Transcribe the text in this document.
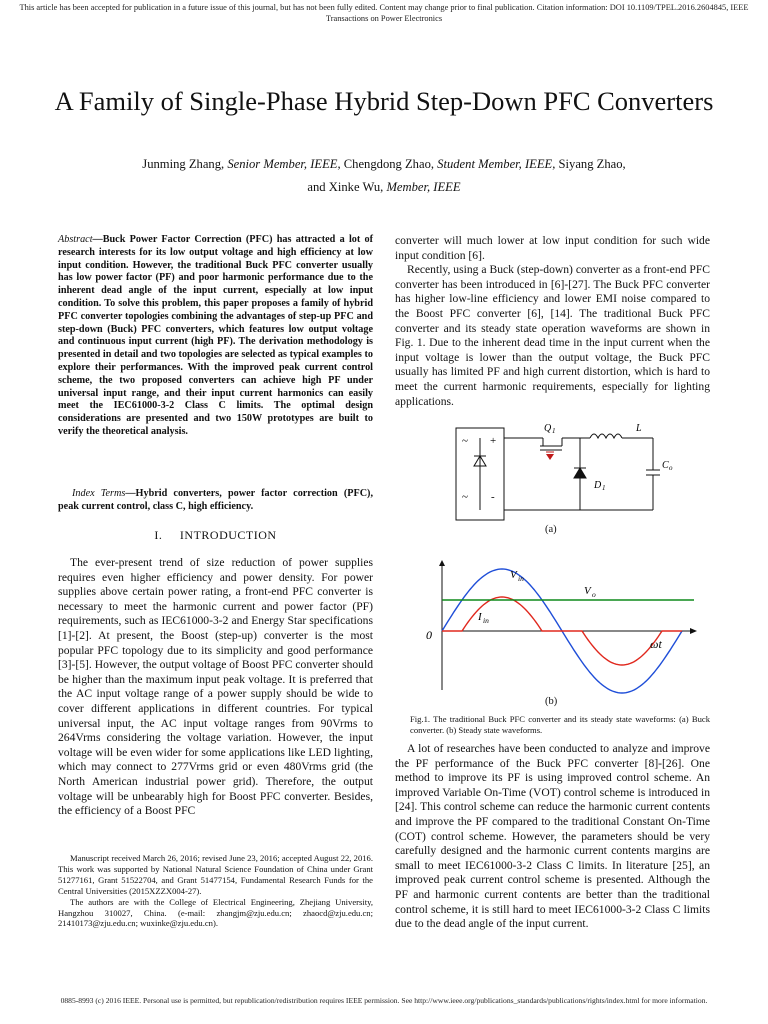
This article has been accepted for publication in a future issue of this journal, but has not been fully edited. Content may change prior to final publication. Citation information: DOI 10.1109/TPEL.2016.2604845, IEEE Transactions on Power Electronics
A Family of Single-Phase Hybrid Step-Down PFC Converters
Junming Zhang, Senior Member, IEEE, Chengdong Zhao, Student Member, IEEE, Siyang Zhao,
and Xinke Wu, Member, IEEE
Abstract—Buck Power Factor Correction (PFC) has attracted a lot of research interests for its low output voltage and high efficiency at low input condition. However, the traditional Buck PFC converter usually has low power factor (PF) and poor harmonic performance due to the inherent dead angle of the input current, especially at low input condition. To solve this problem, this paper proposes a family of hybrid PFC converter topologies combining the advantages of step-up PFC and step-down (Buck) PFC converters, which features low output voltage and continuous input current (high PF). The derivation methodology is presented in detail and two topologies are selected as typical examples to explore their performances. With the improved peak current control scheme, the two proposed converters can achieve high PF under universal input range, and their input current harmonics can easily meet the IEC61000-3-2 Class C limits. The optimal design considerations are presented and two 150W prototypes are built to verify the theoretical analysis.
Index Terms—Hybrid converters, power factor correction (PFC), peak current control, class C, high efficiency.
I. INTRODUCTION

The ever-present trend of size reduction of power supplies requires even higher efficiency and power density. For power supplies above certain power rating, a front-end PFC converter is necessary to meet the harmonic current and power factor (PF) requirements, such as IEC61000-3-2 and Energy Star specifications [1]-[2]. At present, the Boost (step-up) converter is the most popular PFC topology due to its simplicity and good performance [3]-[5]. However, the output voltage of Boost PFC converter should be higher than the maximum input peak voltage. It is preferred that the AC input voltage range of a power supply should be wide to cover different applications in different countries. For typical universal input, the AC input voltage ranges from 90Vrms to 264Vrms considering the voltage variation. However, the input voltage will be even wider for some applications like LED lighting, which may connect to 277Vrms grid or even 480Vrms grid (the North American industrial power grid). Therefore, the output voltage will be unbearably high for Boost PFC converter. Besides, the efficiency of a Boost PFC

Manuscript received March 26, 2016; revised June 23, 2016; accepted August 22, 2016. This work was supported by National Natural Science Foundation of China under Grant 51277161, Grant 51522704, and Grant 51477154, Fundamental Research Funds for the Central Universities (2015XZZX004-27).

The authors are with the College of Electrical Engineering, Zhejiang University, Hangzhou 310027, China. (e-mail: zhangjm@zju.edu.cn; zhaocd@zju.edu.cn; 21410173@zju.edu.cn; wuxinke@zju.edu.cn).

converter will much lower at low input condition for such wide input condition [6].

Recently, using a Buck (step-down) converter as a front-end PFC converter has been introduced in [6]-[27]. The Buck PFC converter has higher low-line efficiency and lower EMI noise compared to the Boost PFC converter [6], [14]. The traditional Buck PFC converter and its steady state operation waveforms are shown in Fig. 1. Due to the inherent dead time in the input current when the input voltage is lower than the output voltage, the Buck PFC usually has limited PF and high current distortion, which is hard to meet the current harmonic requirements, especially for lighting applications.

~ +
~ -
Q 1	L
D 1
C o
(a)
V in
V o
I in
0
ωt
(b)
Fig.1. The traditional Buck PFC converter and its steady state waveforms: (a) Buck converter. (b) Steady state waveforms.

A lot of researches have been conducted to analyze and improve the PF performance of the Buck PFC converter [8]-[26]. One method to improve its PF is using improved control scheme. An improved Variable On-Time (VOT) control scheme is introduced in [24]. This control scheme can reduce the harmonic current contents and improve the PF compared to the traditional Constant On-Time (COT) control scheme. However, the parameters should be very carefully designed and the harmonic current contents margins are small to meet IEC61000-3-2 Class C limits. In literature [25], an improved peak current control scheme is presented. Although the PF and harmonic current contents are better than the traditional control scheme, it is still hard to meet IEC61000-3-2 Class C limits due to the dead angle of the input current.

0885-8993 (c) 2016 IEEE. Personal use is permitted, but republication/redistribution requires IEEE permission. See http://www.ieee.org/publications_standards/publications/rights/index.html for more information.
